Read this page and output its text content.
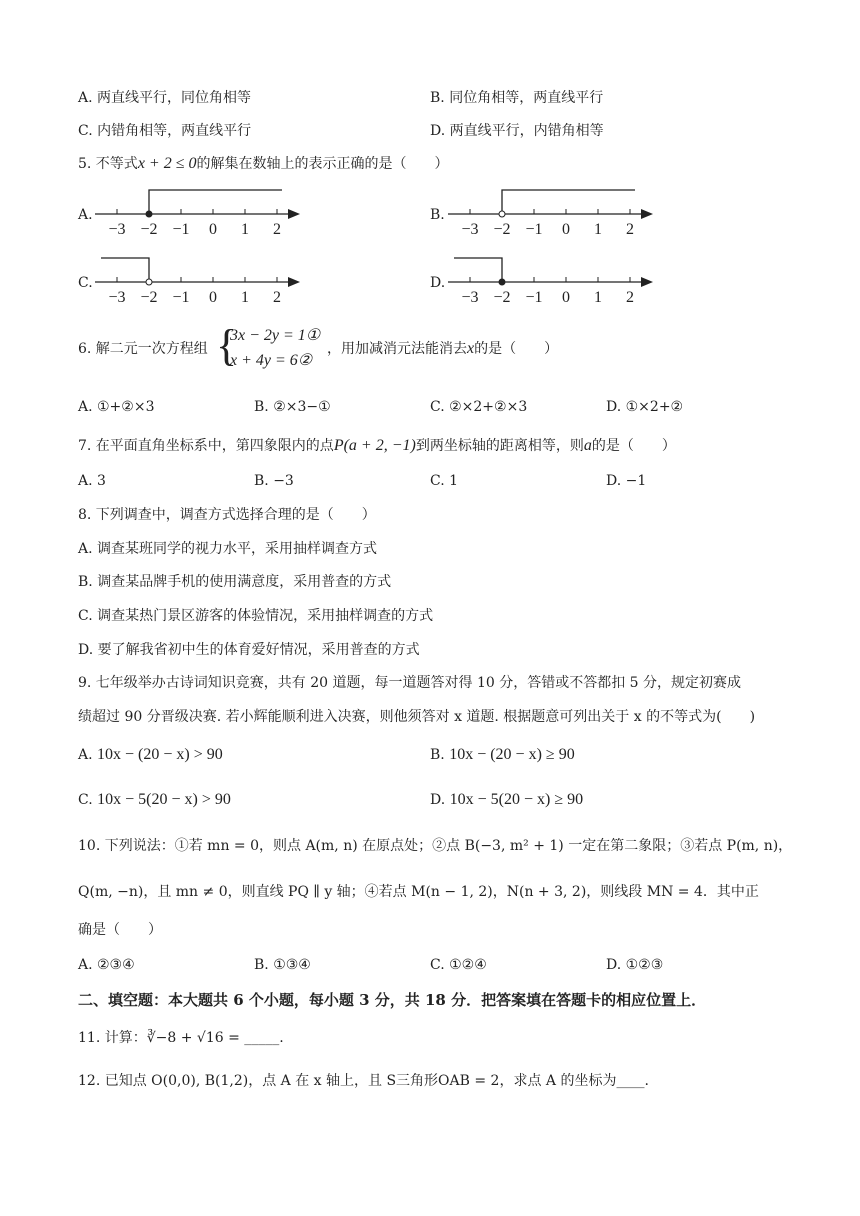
A. 两直线平行，同位角相等	B. 同位角相等，两直线平行
C. 内错角相等，两直线平行	D. 两直线平行，内错角相等
5. 不等式x + 2 ≤ 0的解集在数轴上的表示正确的是（　　）
A.	B.
C.	D.
−3 −2 −1 0 1 2	−3 −2 −1 0 1 2
−3 −2 −1 0 1 2	−3 −2 −1 0 1 2
6. 解二元一次方程组 {
3x − 2y = 1①
x + 4y = 6②
，用加减消元法能消去x的是（　　）
A. ①+②×3	B. ②×3−①	C. ②×2+②×3	D. ①×2+②
7. 在平面直角坐标系中，第四象限内的点P(a + 2, −1)到两坐标轴的距离相等，则a的是（　　）
A. 3	B. −3	C. 1	D. −1
8. 下列调查中，调查方式选择合理的是（　　）
A. 调查某班同学的视力水平，采用抽样调查方式
B. 调查某品牌手机的使用满意度，采用普查的方式
C. 调查某热门景区游客的体验情况，采用抽样调查的方式
D. 要了解我省初中生的体育爱好情况，采用普查的方式
9. 七年级举办古诗词知识竞赛，共有 20 道题，每一道题答对得 10 分，答错或不答都扣 5 分，规定初赛成
绩超过 90 分晋级决赛. 若小辉能顺利进入决赛，则他须答对 x 道题. 根据题意可列出关于 x 的不等式为(　　)
A. 10x − (20 − x) > 90	B. 10x − (20 − x) ≥ 90
C. 10x − 5(20 − x) > 90	D. 10x − 5(20 − x) ≥ 90
10. 下列说法：①若 mn = 0，则点 A(m, n) 在原点处；②点 B(−3, m² + 1) 一定在第二象限；③若点 P(m, n)，
Q(m, −n)，且 mn ≠ 0，则直线 PQ ∥ y 轴；④若点 M(n − 1, 2)，N(n + 3, 2)，则线段 MN = 4．其中正
确是（　　）
A. ②③④	B. ①③④	C. ①②④	D. ①②③
二、填空题：本大题共 6 个小题，每小题 3 分，共 18 分．把答案填在答题卡的相应位置上．
11. 计算：∛−8 + √16 = _____.
12. 已知点 O(0,0), B(1,2)，点 A 在 x 轴上，且 S三角形OAB = 2，求点 A 的坐标为____.
